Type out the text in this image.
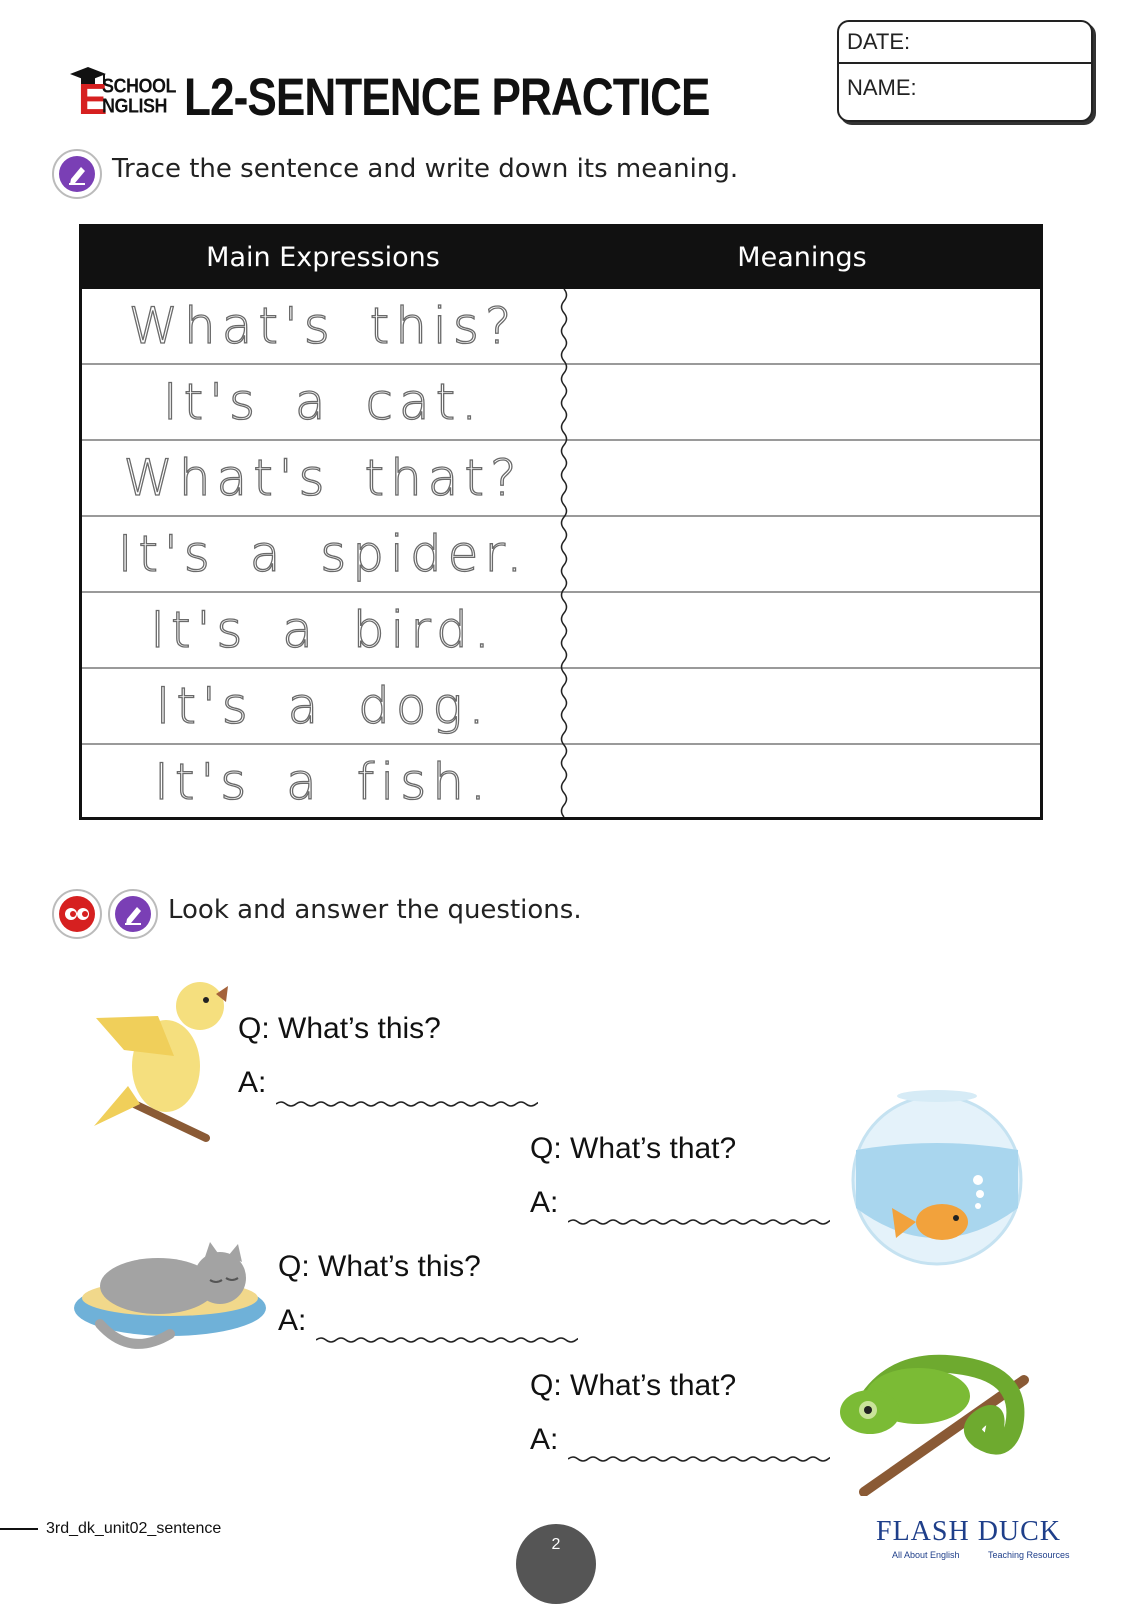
E
SCHOOL
NGLISH L2-SENTENCE PRACTICE
DATE:
NAME:
Trace the sentence and write down its meaning.
Main Expressions	Meanings
What's this?
It's a cat.
What's that?
It's a spider.
It's a bird.
It's a dog.
It's a fish.
Look and answer the questions.
Q: What’s this?
A:
Q: What’s that?
A:
Q: What’s this?
A:
Q: What’s that?
A:
3rd_dk_unit02_sentence
2	FLASH DUCK
All About English	Teaching Resources
